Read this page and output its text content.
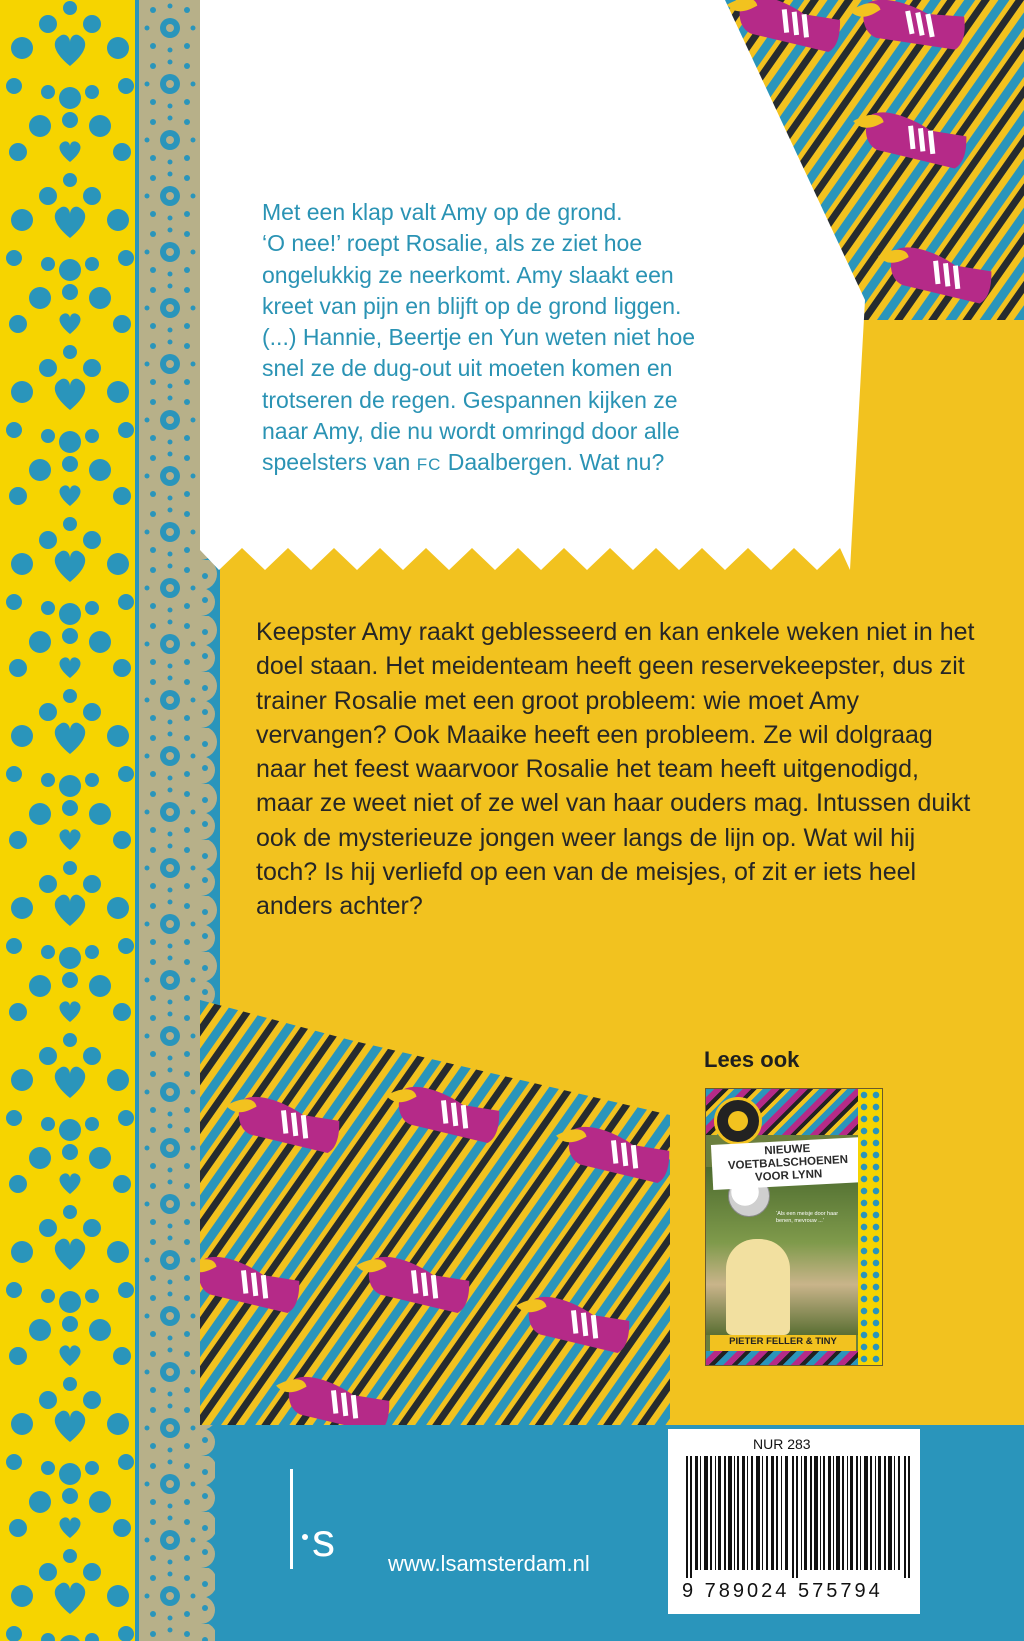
Met een klap valt Amy op de grond.

‘O nee!’ roept Rosalie, als ze ziet hoe

ongelukkig ze neerkomt. Amy slaakt een

kreet van pijn en blijft op de grond liggen.

(...) Hannie, Beertje en Yun weten niet hoe

snel ze de dug-out uit moeten komen en

trotseren de regen. Gespannen kijken ze

naar Amy, die nu wordt omringd door alle

speelsters van FC Daalbergen. Wat nu?

Keepster Amy raakt geblesseerd en kan enkele weken niet in het doel staan. Het meidenteam heeft geen reservekeepster, dus zit trainer Rosalie met een groot probleem: wie moet Amy vervangen? Ook Maaike heeft een probleem. Ze wil dolgraag naar het feest waarvoor Rosalie het team heeft uitgenodigd, maar ze weet niet of ze wel van haar ouders mag. Intussen duikt ook de mysterieuze jongen weer langs de lijn op. Wat wil hij toch? Is hij verliefd op een van de meisjes, of zit er iets heel anders achter?

Lees ook

NIEUWE VOETBALSCHOENEN VOOR LYNN
‘Als een meisje door haar benen, mevrouw ...’
PIETER FELLER & TINY
s www.lsamsterdam.nl

NUR 283

9 789024 575794
